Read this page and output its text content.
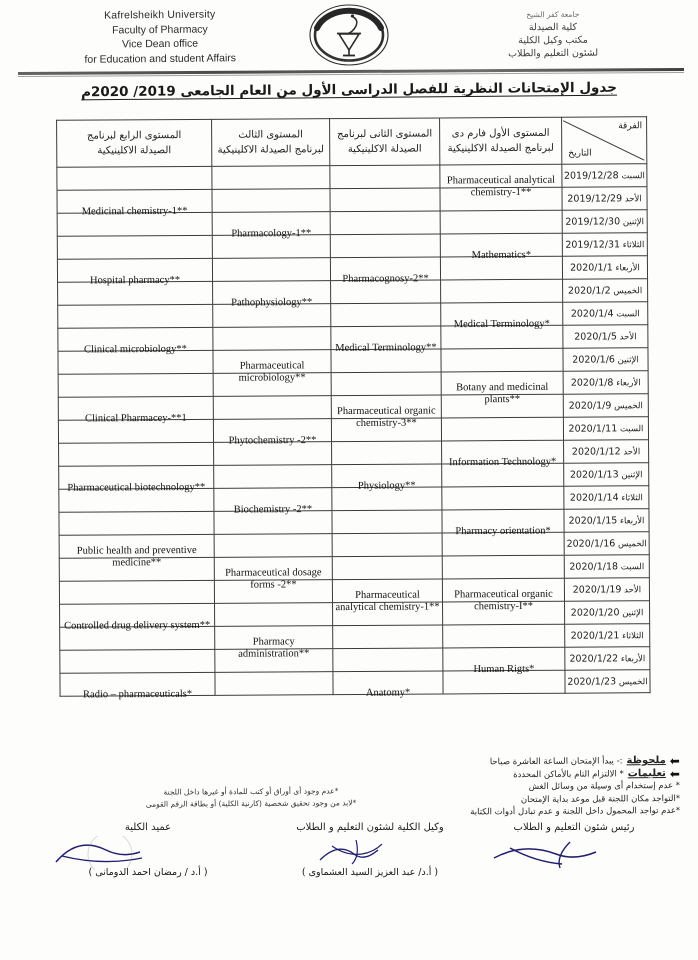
Kafrelsheikh University
Faculty of Pharmacy
Vice Dean office
for Education and student Affairs
جامعة كفر الشيخ
كلية الصيدلة
مكتب وكيل الكلية
لشئون التعليم والطلاب
جدول الإمتحانات النظرية للفصل الدراسى الأول من العام الجامعى 2019/ 2020م
المستوى الرابع لبرنامج
الصيدلة الاكلينيكية

المستوى الثالث
لبرنامج الصيدلة الاكلينيكية

المستوى الثانى لبرنامج
الصيدلة الاكلينيكية

المستوى الأول فارم دى
لبرنامج الصيدلة الاكلينيكية

الفرقة
التاريخ

			Pharmaceutical analytical chemistry-1**	السبت 2019/12/28

Medicinal chemistry-1**				الأحد 2019/12/29

	Pharmacology-1**			الإثنين 2019/12/30

			Mathematics*	الثلاثاء 2019/12/31

Hospital pharmacy**		Pharmacognosy-2**		الأربعاء 2020/1/1

	Pathophysiology**			الخميس 2020/1/2

			Medical Terminology*	السبت 2020/1/4

Clinical microbiology**		Medical Terminology**		الأحد 2020/1/5

	Pharmaceutical microbiology**			الإثنين 2020/1/6

			Botany and medicinal plants**	الأربعاء 2020/1/8

Clinical Pharmacey-**1		Pharmaceutical organic chemistry-3**		الخميس 2020/1/9

	Phytochemistry -2**			السبت 2020/1/11

			Information Technology*	الأحد 2020/1/12

Pharmaceutical biotechnology**		Physiology**		الإثنين 2020/1/13

	Biochemistry -2**			الثلاثاء 2020/1/14

			Pharmacy orientation*	الأربعاء 2020/1/15

Public health and preventive medicine**				الخميس 2020/1/16

	Pharmaceutical dosage forms -2**			السبت 2020/1/18

		Pharmaceutical analytical chemistry-1**	Pharmaceutical organic chemistry-I**	الأحد 2020/1/19

Controlled drug delivery system**				الإثنين 2020/1/20

	Pharmacy administration**			الثلاثاء 2020/1/21

			Human Rigts*	الأربعاء 2020/1/22

Radio – pharmaceuticals*		Anatomy*		الخميس 2020/1/23
⬅
ملحوظة
:- يبدأ الإمتحان الساعة العاشرة صباحا
⬅
تعليمات
* الالتزام التام بالأماكن المحددة
* عدم إستخدام أى وسيلة من وسائل الغش
*التواجد مكان اللجنة قبل موعد بداية الإمتحان
*عدم تواجد المحمول داخل اللجنة و عدم تبادل أدوات الكتابة
*عدم وجود أى أوراق أو كتب للمادة أو غيرها داخل اللجنة
*لابد من وجود تحقيق شخصية (كارنية الكلية) أو بطاقة الرقم القومى
رئيس شئون التعليم و الطلاب
وكيل الكلية لشئون التعليم و الطلاب
( أ.د/ عبد العزيز السيد العشماوى )
عميد الكلية
( أ.د / رمضان احمد الدومانى )
